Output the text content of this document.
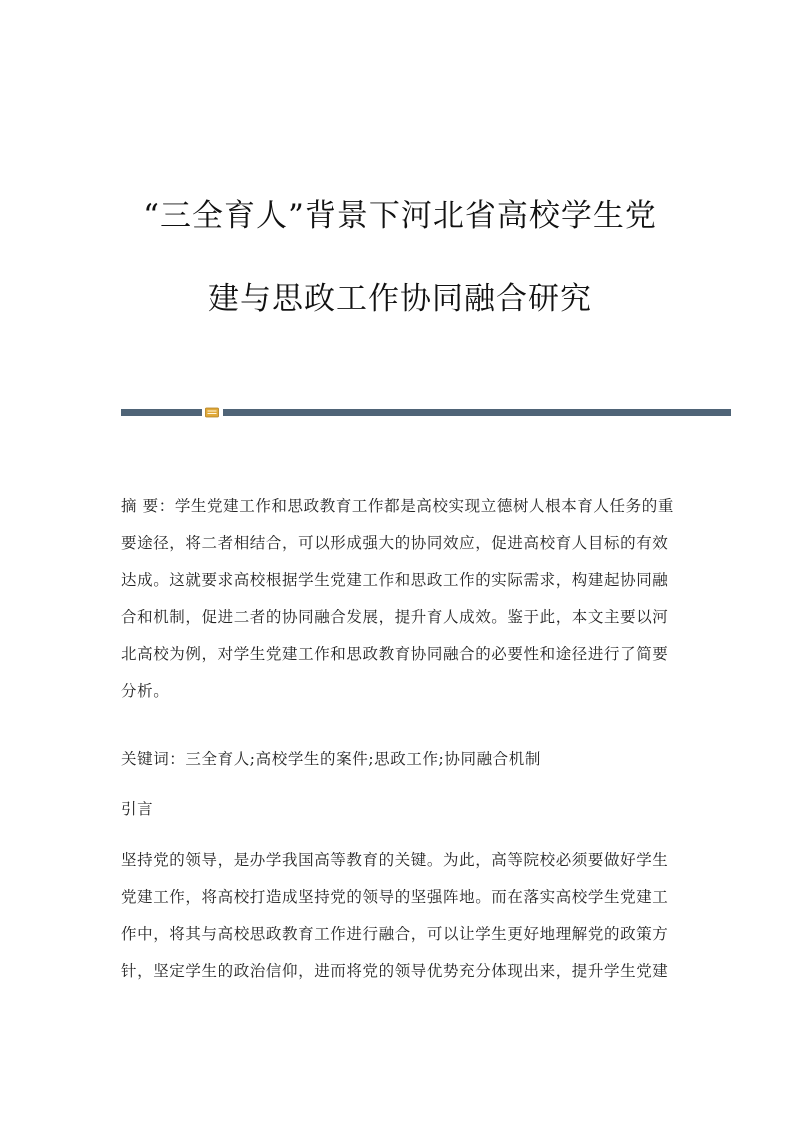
“三全育人”背景下河北省高校学生党
建与思政工作协同融合研究
摘 要：学生党建工作和思政教育工作都是高校实现立德树人根本育人任务的重要途径，将二者相结合，可以形成强大的协同效应，促进高校育人目标的有效达成。这就要求高校根据学生党建工作和思政工作的实际需求，构建起协同融合和机制，促进二者的协同融合发展，提升育人成效。鉴于此，本文主要以河北高校为例，对学生党建工作和思政教育协同融合的必要性和途径进行了简要分析。
关键词：三全育人;高校学生的案件;思政工作;协同融合机制
引言
坚持党的领导，是办学我国高等教育的关键。为此，高等院校必须要做好学生党建工作，将高校打造成坚持党的领导的坚强阵地。而在落实高校学生党建工作中，将其与高校思政教育工作进行融合，可以让学生更好地理解党的政策方针，坚定学生的政治信仰，进而将党的领导优势充分体现出来，提升学生党建
